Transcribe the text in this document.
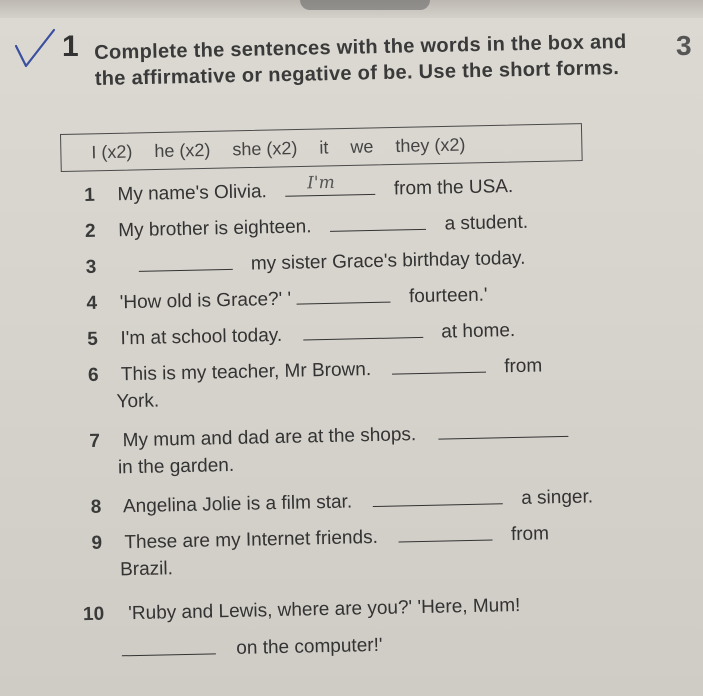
1	3
Complete the sentences with the words in the box and the affirmative or negative of be. Use the short forms.
I (x2) he (x2) she (x2) it we they (x2)
1 My name's Olivia. I'm	from the USA.
2 My brother is eighteen.	a student.
3	my sister Grace's birthday today.
4 'How old is Grace?' '	fourteen.'
5 I'm at school today.	at home.
6 This is my teacher, Mr Brown.	from
York.
7 My mum and dad are at the shops.
in the garden.
8 Angelina Jolie is a film star.	a singer.
9 These are my Internet friends.	from
Brazil.
10 'Ruby and Lewis, where are you?' 'Here, Mum!
on the computer!'
